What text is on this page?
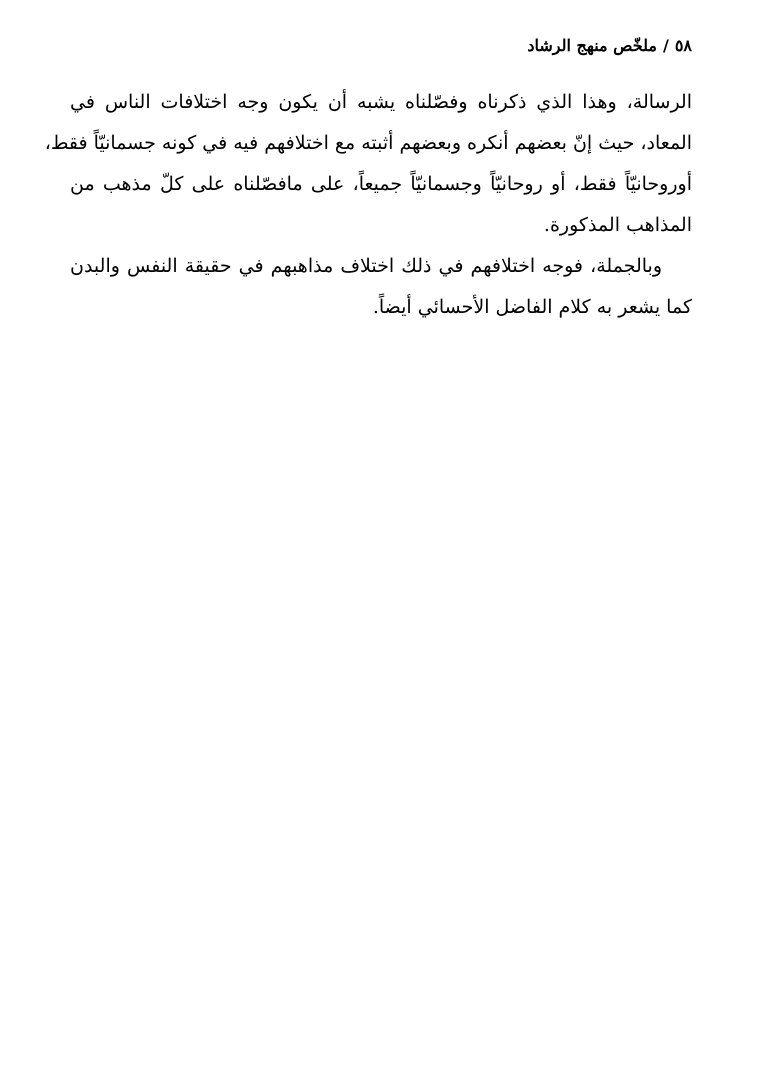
٥٨/ملخّص منهج الرشاد
الرسالة، وهذا الذي ذكرناه وفصّلناه يشبه أن يكون وجه اختلافات الناس في
المعاد، حيث إنّ بعضهم أنكره وبعضهم أثبته مع اختلافهم فيه في كونه جسمانيّاً فقط،
أوروحانيّاً فقط، أو روحانيّاً وجسمانيّاً جميعاً، على مافصّلناه على كلّ مذهب من
المذاهب المذكورة.
وبالجملة، فوجه اختلافهم في ذلك اختلاف مذاهبهم في حقيقة النفس والبدن
كما يشعر به كلام الفاضل الأحسائي أيضاً.
